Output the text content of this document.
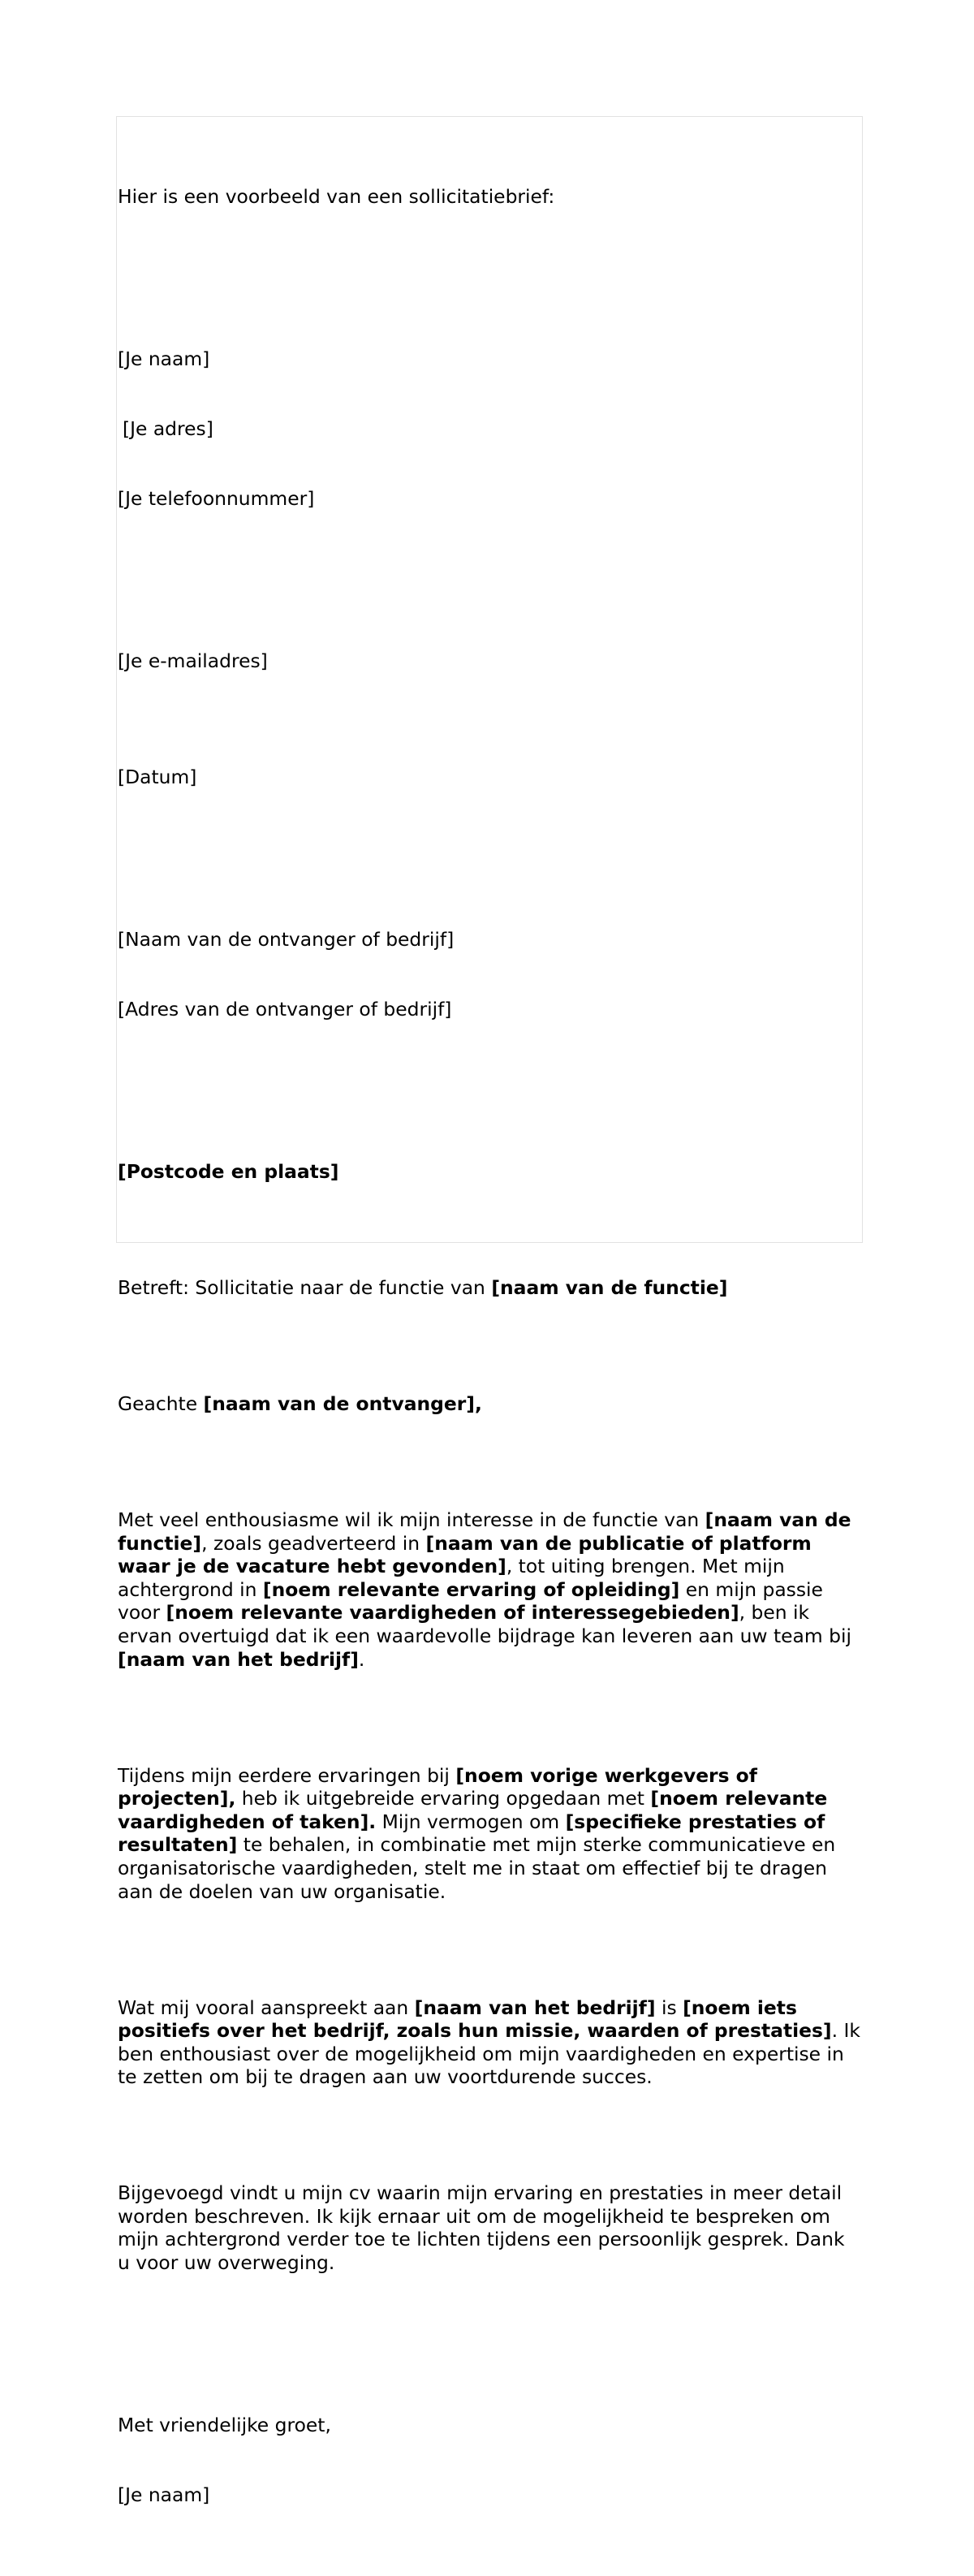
Hier is een voorbeeld van een sollicitatiebrief:

[Je naam]

[Je adres]

[Je telefoonnummer]

[Je e-mailadres]

[Datum]

[Naam van de ontvanger of bedrijf]

[Adres van de ontvanger of bedrijf]

[Postcode en plaats]

Betreft: Sollicitatie naar de functie van [naam van de functie]

Geachte [naam van de ontvanger],

Met veel enthousiasme wil ik mijn interesse in de functie van [naam van de functie], zoals geadverteerd in [naam van de publicatie of platform waar je de vacature hebt gevonden], tot uiting brengen. Met mijn achtergrond in [noem relevante ervaring of opleiding] en mijn passie voor [noem relevante vaardigheden of interessegebieden], ben ik ervan overtuigd dat ik een waardevolle bijdrage kan leveren aan uw team bij [naam van het bedrijf].

Tijdens mijn eerdere ervaringen bij [noem vorige werkgevers of projecten], heb ik uitgebreide ervaring opgedaan met [noem relevante vaardigheden of taken]. Mijn vermogen om [specifieke prestaties of resultaten] te behalen, in combinatie met mijn sterke communicatieve en organisatorische vaardigheden, stelt me in staat om effectief bij te dragen aan de doelen van uw organisatie.

Wat mij vooral aanspreekt aan [naam van het bedrijf] is [noem iets positiefs over het bedrijf, zoals hun missie, waarden of prestaties]. Ik ben enthousiast over de mogelijkheid om mijn vaardigheden en expertise in te zetten om bij te dragen aan uw voortdurende succes.

Bijgevoegd vindt u mijn cv waarin mijn ervaring en prestaties in meer detail worden beschreven. Ik kijk ernaar uit om de mogelijkheid te bespreken om mijn achtergrond verder toe te lichten tijdens een persoonlijk gesprek. Dank u voor uw overweging.

Met vriendelijke groet,

[Je naam]
